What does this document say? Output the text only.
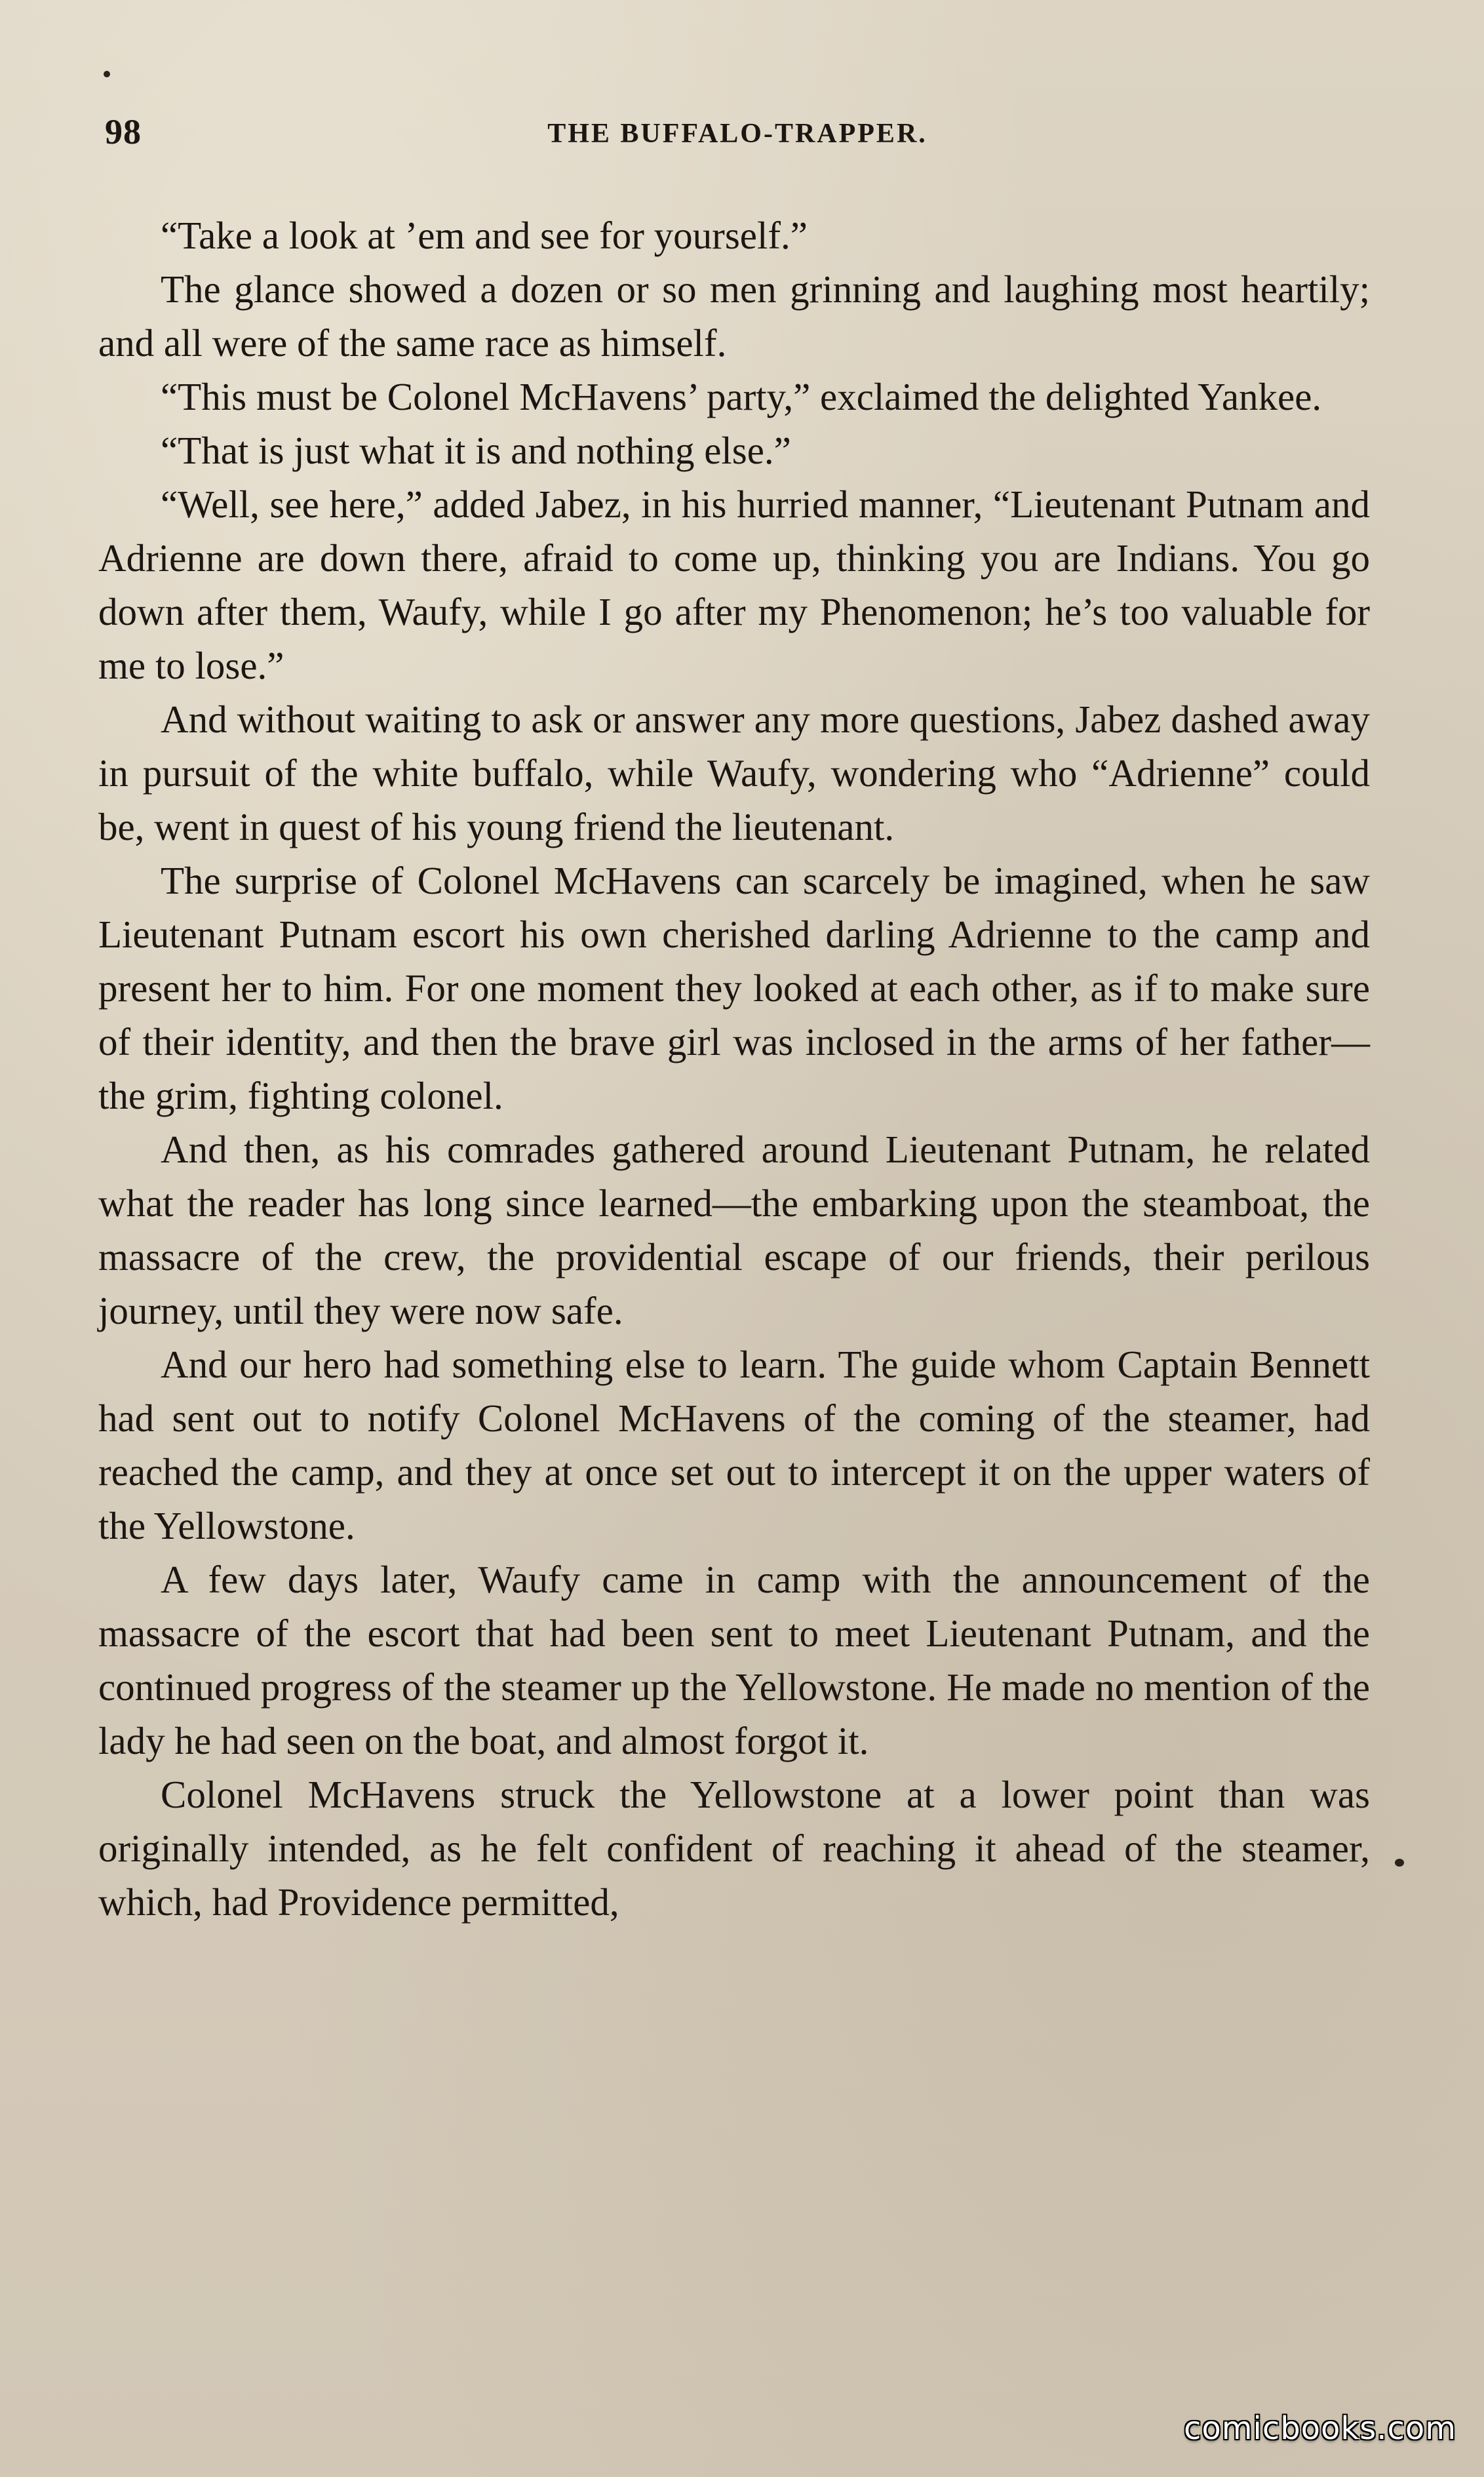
98	THE BUFFALO-TRAPPER.

“Take a look at ’em and see for yourself.”

The glance showed a dozen or so men grinning and laughing most heartily; and all were of the same race as himself.

“This must be Colonel McHavens’ party,” exclaimed the delighted Yankee.

“That is just what it is and nothing else.”

“Well, see here,” added Jabez, in his hurried manner, “Lieutenant Putnam and Adrienne are down there, afraid to come up, thinking you are Indians. You go down after them, Waufy, while I go after my Phenomenon; he’s too valuable for me to lose.”

And without waiting to ask or answer any more questions, Jabez dashed away in pursuit of the white buffalo, while Waufy, wondering who “Adrienne” could be, went in quest of his young friend the lieutenant.

The surprise of Colonel McHavens can scarcely be imagined, when he saw Lieutenant Putnam escort his own cherished darling Adrienne to the camp and present her to him. For one moment they looked at each other, as if to make sure of their identity, and then the brave girl was inclosed in the arms of her father—the grim, fighting colonel.

And then, as his comrades gathered around Lieutenant Putnam, he related what the reader has long since learned—the embarking upon the steamboat, the massacre of the crew, the providential escape of our friends, their perilous journey, until they were now safe.

And our hero had something else to learn. The guide whom Captain Bennett had sent out to notify Colonel McHavens of the coming of the steamer, had reached the camp, and they at once set out to intercept it on the upper waters of the Yellowstone.

A few days later, Waufy came in camp with the announcement of the massacre of the escort that had been sent to meet Lieutenant Putnam, and the continued progress of the steamer up the Yellowstone. He made no mention of the lady he had seen on the boat, and almost forgot it.

Colonel McHavens struck the Yellowstone at a lower point than was originally intended, as he felt confident of reaching it ahead of the steamer, which, had Providence permitted,

comicbooks.com
